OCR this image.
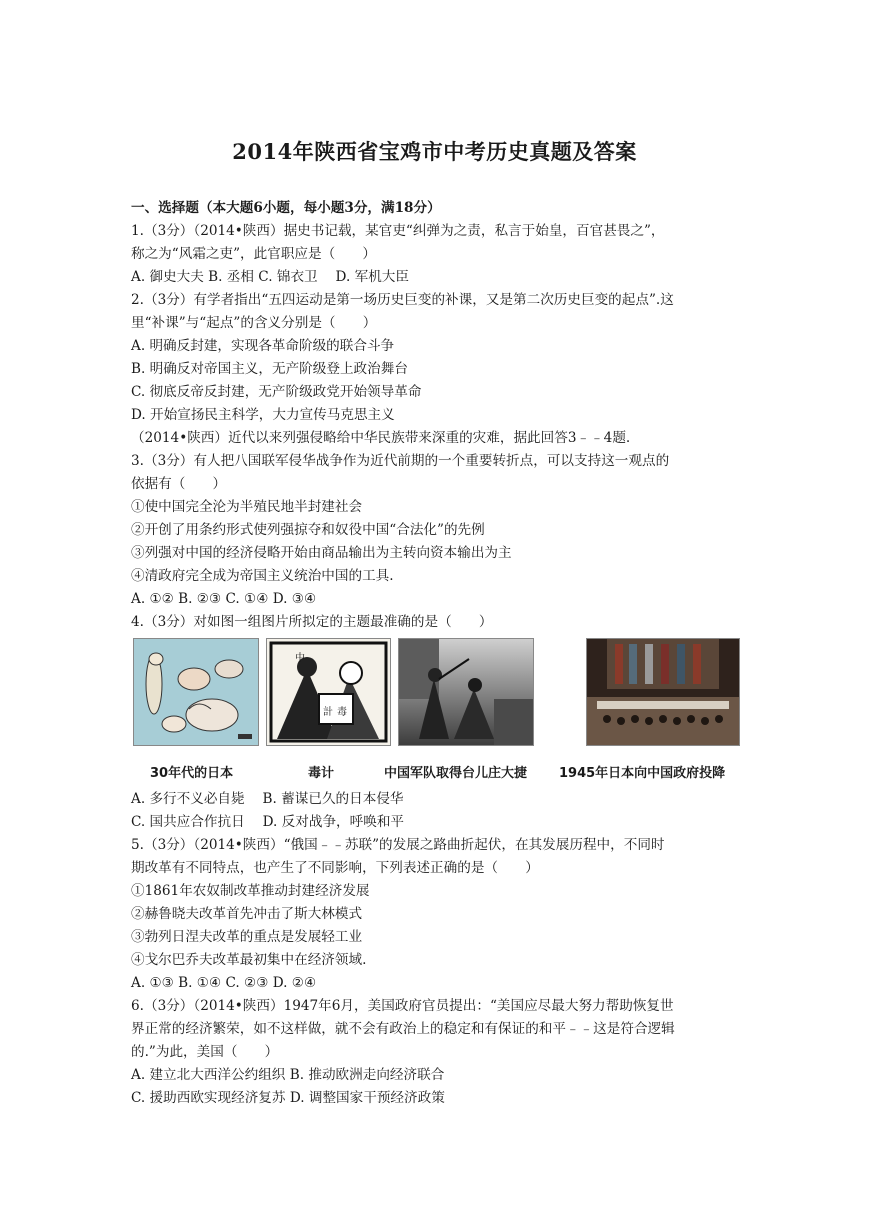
2014年陕西省宝鸡市中考历史真题及答案
一、选择题（本大题6小题，每小题3分，满18分）
1.（3分）（2014•陕西）据史书记载，某官吏“纠弹为之责，私言于始皇，百官甚畏之”，
称之为“风霜之吏”，此官职应是（　　）
A. 御史大夫 B. 丞相 C. 锦衣卫　 D. 军机大臣
2.（3分）有学者指出“五四运动是第一场历史巨变的补课，又是第二次历史巨变的起点”.这
里“补课”与“起点”的含义分别是（　　）
A. 明确反封建，实现各革命阶级的联合斗争
B. 明确反对帝国主义，无产阶级登上政治舞台
C. 彻底反帝反封建，无产阶级政党开始领导革命
D. 开始宣扬民主科学，大力宣传马克思主义
（2014•陕西）近代以来列强侵略给中华民族带来深重的灾难，据此回答3﹣﹣4题.
3.（3分）有人把八国联军侵华战争作为近代前期的一个重要转折点，可以支持这一观点的
依据有（　　）
①使中国完全沦为半殖民地半封建社会
②开创了用条约形式使列强掠夺和奴役中国“合法化”的先例
③列强对中国的经济侵略开始由商品输出为主转向资本输出为主
④清政府完全成为帝国主义统治中国的工具.
A. ①② B. ②③ C. ①④ D. ③④
4.（3分）对如图一组图片所拟定的主题最准确的是（　　）
中
計 毒
30年代的日本	毒计	中国军队取得台儿庄大捷 1945年日本向中国政府投降
A. 多行不义必自毙　 B. 蓄谋已久的日本侵华
C. 国共应合作抗日　 D. 反对战争，呼唤和平
5.（3分）（2014•陕西）“俄国﹣﹣苏联”的发展之路曲折起伏，在其发展历程中，不同时
期改革有不同特点，也产生了不同影响，下列表述正确的是（　　）
①1861年农奴制改革推动封建经济发展
②赫鲁晓夫改革首先冲击了斯大林模式
③勃列日涅夫改革的重点是发展轻工业
④戈尔巴乔夫改革最初集中在经济领域.
A. ①③ B. ①④ C. ②③ D. ②④
6.（3分）（2014•陕西）1947年6月，美国政府官员提出：“美国应尽最大努力帮助恢复世
界正常的经济繁荣，如不这样做，就不会有政治上的稳定和有保证的和平﹣﹣这是符合逻辑
的.”为此，美国（　　）
A. 建立北大西洋公约组织 B. 推动欧洲走向经济联合
C. 援助西欧实现经济复苏 D. 调整国家干预经济政策
